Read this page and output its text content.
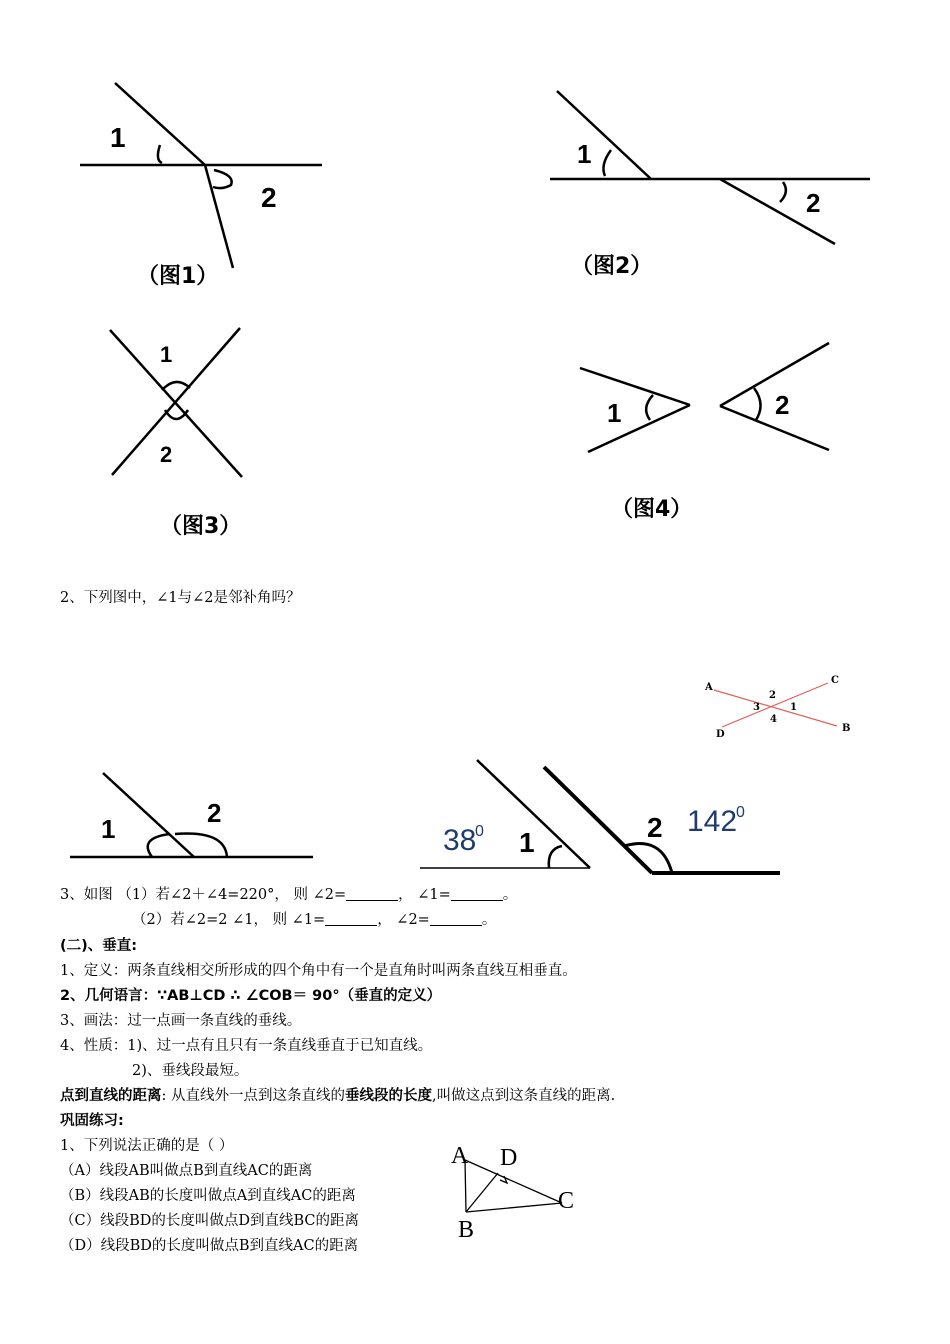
1
2
（图1）
1
2
（图2）
1
2
（图3）
1	2
（图4）
A
C
B
D
2
3	1
4
1
2
38
0 1	2 142
0
A D
C
B
2、下列图中，∠1与∠2是邻补角吗？
3、如图 （1）若∠2＋∠4=220°， 则 ∠2=	， ∠1=	。
（2）若∠2=2 ∠1， 则 ∠1=	， ∠2=	。
(二)、垂直:
1、定义：两条直线相交所形成的四个角中有一个是直角时叫两条直线互相垂直。
2、几何语言：∵AB⊥CD ∴ ∠COB＝ 90°（垂直的定义）
3、画法：过一点画一条直线的垂线。
4、性质：1)、过一点有且只有一条直线垂直于已知直线。
2)、垂线段最短。
点到直线的距离: 从直线外一点到这条直线的垂线段的长度,叫做这点到这条直线的距离.
巩固练习:
1、下列说法正确的是（ ）
（A）线段AB叫做点B到直线AC的距离
（B）线段AB的长度叫做点A到直线AC的距离
（C）线段BD的长度叫做点D到直线BC的距离
（D）线段BD的长度叫做点B到直线AC的距离
